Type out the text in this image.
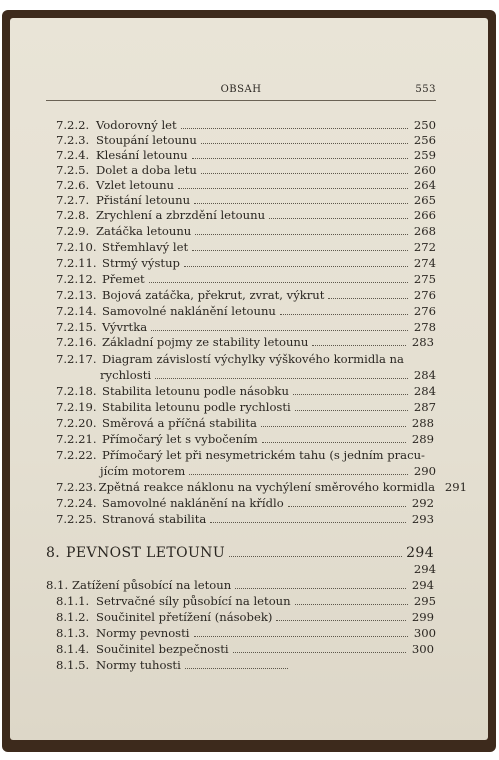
OBSAH	553
7.2.2. Vodorovný let	250
7.2.3. Stoupání letounu	256
7.2.4. Klesání letounu	259
7.2.5. Dolet a doba letu	260
7.2.6. Vzlet letounu	264
7.2.7. Přistání letounu	265
7.2.8. Zrychlení a zbrzdění letounu	266
7.2.9. Zatáčka letounu	268
7.2.10. Střemhlavý let	272
7.2.11. Strmý výstup	274
7.2.12. Přemet	275
7.2.13. Bojová zatáčka, překrut, zvrat, výkrut	276
7.2.14. Samovolné naklánění letounu	276
7.2.15. Vývrtka	278
7.2.16. Základní pojmy ze stability letounu	283
7.2.17. Diagram závislostí výchylky výškového kormidla na
rychlosti	284
7.2.18. Stabilita letounu podle násobku	284
7.2.19. Stabilita letounu podle rychlosti	287
7.2.20. Směrová a příčná stabilita	288
7.2.21. Přímočarý let s vybočením	289
7.2.22. Přímočarý let při nesymetrickém tahu (s jedním pracu-
jícím motorem	290
7.2.23. Zpětná reakce náklonu na vychýlení směrového kormidla 291
7.2.24. Samovolné naklánění na křídlo	292
7.2.25. Stranová stabilita	293
8. PEVNOST LETOUNU	294
294
8.1. Zatížení působící na letoun	294
8.1.1. Setrvačné síly působící na letoun	295
8.1.2. Součinitel přetížení (násobek)	299
8.1.3. Normy pevnosti	300
8.1.4. Součinitel bezpečnosti	300
8.1.5. Normy tuhosti
